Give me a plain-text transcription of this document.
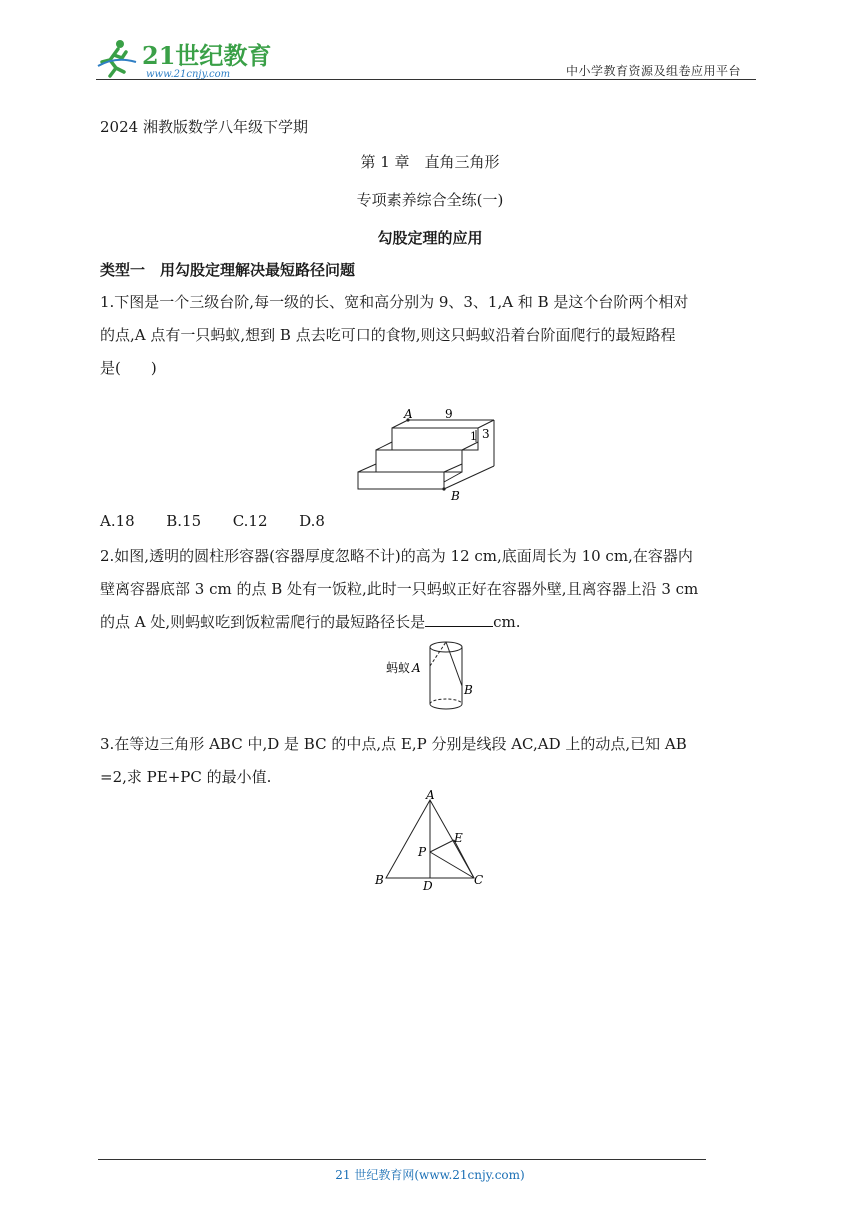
21世纪教育
www.21cnjy.com	中小学教育资源及组卷应用平台
2024 湘教版数学八年级下学期
第 1 章　直角三角形
专项素养综合全练(一)
勾股定理的应用
类型一　用勾股定理解决最短路径问题
1.下图是一个三级台阶,每一级的长、宽和高分别为 9、3、1,A 和 B 是这个台阶两个相对
的点,A 点有一只蚂蚁,想到 B 点去吃可口的食物,则这只蚂蚁沿着台阶面爬行的最短路程
是(　　)
A	9
1 3
B
A.18 B.15 C.12 D.8
2.如图,透明的圆柱形容器(容器厚度忽略不计)的高为 12 cm,底面周长为 10 cm,在容器内
壁离容器底部 3 cm 的点 B 处有一饭粒,此时一只蚂蚁正好在容器外壁,且离容器上沿 3 cm
的点 A 处,则蚂蚁吃到饭粒需爬行的最短路径长是	cm.
蚂蚁 A
B
3.在等边三角形 ABC 中,D 是 BC 的中点,点 E,P 分别是线段 AC,AD 上的动点,已知 AB
=2,求 PE+PC 的最小值.
A
B	C
D
E
P
21 世纪教育网(www.21cnjy.com)
